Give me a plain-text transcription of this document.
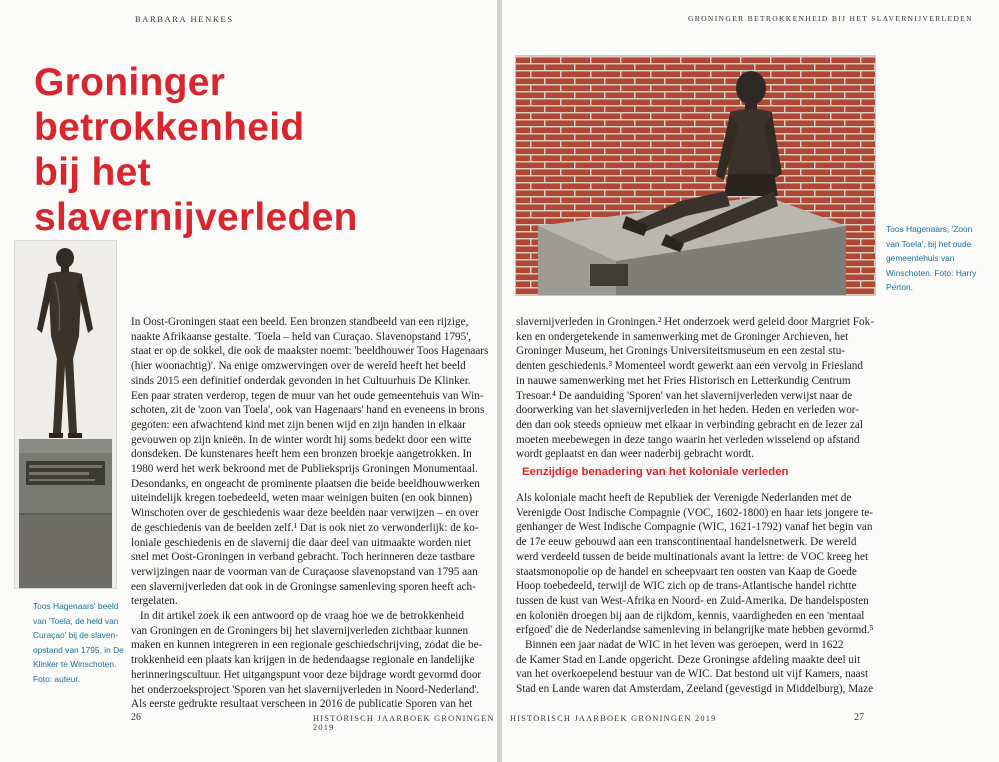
BARBARA HENKES
Groninger betrokkenheid
bij het slavernijverleden
Toos Hagenaars' beeld
van 'Toela, de held van
Curaçao' bij de slaven-
opstand van 1795, in De
Klinker te Winschoten.
Foto: auteur.
In Oost-Groningen staat een beeld. Een bronzen standbeeld van een rijzige,
naakte Afrikaanse gestalte. 'Toela – held van Curaçao. Slavenopstand 1795',
staat er op de sokkel, die ook de maakster noemt: 'beeldhouwer Toos Hagenaars
(hier woonachtig)'. Na enige omzwervingen over de wereld heeft het beeld
sinds 2015 een definitief onderdak gevonden in het Cultuurhuis De Klinker.
Een paar straten verderop, tegen de muur van het oude gemeentehuis van Win-
schoten, zit de 'zoon van Toela', ook van Hagenaars' hand en eveneens in brons
gegoten: een afwachtend kind met zijn benen wijd en zijn handen in elkaar
gevouwen op zijn knieën. In de winter wordt hij soms bedekt door een witte
donsdeken. De kunstenares heeft hem een bronzen broekje aangetrokken. In
1980 werd het werk bekroond met de Publieksprijs Groningen Monumentaal.
Desondanks, en ongeacht de prominente plaatsen die beide beeldhouwwerken
uiteindelijk kregen toebedeeld, weten maar weinigen buiten (en ook binnen)
Winschoten over de geschiedenis waar deze beelden naar verwijzen – en over
de geschiedenis van de beelden zelf.¹ Dat is ook niet zo verwonderlijk: de ko-
loniale geschiedenis en de slavernij die daar deel van uitmaakte worden niet
snel met Oost-Groningen in verband gebracht. Toch herinneren deze tastbare
verwijzingen naar de voorman van de Curaçaose slavenopstand van 1795 aan
een slavernijverleden dat ook in de Groningse samenleving sporen heeft ach-
tergelaten.
In dit artikel zoek ik een antwoord op de vraag hoe we de betrokkenheid
van Groningen en de Groningers bij het slavernijverleden zichtbaar kunnen
maken en kunnen integreren in een regionale geschiedschrijving, zodat die be-
trokkenheid een plaats kan krijgen in de hedendaagse regionale en landelijke
herinneringscultuur. Het uitgangspunt voor deze bijdrage wordt gevormd door
het onderzoeksproject 'Sporen van het slavernijverleden in Noord-Nederland'.
Als eerste gedrukte resultaat verscheen in 2016 de publicatie Sporen van het
26	HISTORISCH JAARBOEK GRONINGEN 2019
GRONINGER BETROKKENHEID BIJ HET SLAVERNIJVERLEDEN
Toos Hagenaars, 'Zoon
van Toela', bij het oude
gemeentehuis van
Winschoten. Foto: Harry
Perton.
slavernijverleden in Groningen.² Het onderzoek werd geleid door Margriet Fok-
ken en ondergetekende in samenwerking met de Groninger Archieven, het
Groninger Museum, het Gronings Universiteitsmuseum en een zestal stu-
denten geschiedenis.³ Momenteel wordt gewerkt aan een vervolg in Friesland
in nauwe samenwerking met het Fries Historisch en Letterkundig Centrum
Tresoar.⁴ De aanduiding 'Sporen' van het slavernijverleden verwijst naar de
doorwerking van het slavernijverleden in het heden. Heden en verleden wor-
den dan ook steeds opnieuw met elkaar in verbinding gebracht en de lezer zal
moeten meebewegen in deze tango waarin het verleden wisselend op afstand
wordt geplaatst en dan weer naderbij gebracht wordt.
Eenzijdige benadering van het koloniale verleden
Als koloniale macht heeft de Republiek der Verenigde Nederlanden met de
Verenigde Oost Indische Compagnie (VOC, 1602-1800) en haar iets jongere te-
genhanger de West Indische Compagnie (WIC, 1621-1792) vanaf het begin van
de 17e eeuw gebouwd aan een transcontinentaal handelsnetwerk. De wereld
werd verdeeld tussen de beide multinationals avant la lettre: de VOC kreeg het
staatsmonopolie op de handel en scheepvaart ten oosten van Kaap de Goede
Hoop toebedeeld, terwijl de WIC zich op de trans-Atlantische handel richtte
tussen de kust van West-Afrika en Noord- en Zuid-Amerika. De handelsposten
en koloniën droegen bij aan de rijkdom, kennis, vaardigheden en een 'mentaal
erfgoed' die de Nederlandse samenleving in belangrijke mate hebben gevormd.⁵
Binnen een jaar nadat de WIC in het leven was geroepen, werd in 1622
de Kamer Stad en Lande opgericht. Deze Groningse afdeling maakte deel uit
van het overkoepelend bestuur van de WIC. Dat bestond uit vijf Kamers, naast
Stad en Lande waren dat Amsterdam, Zeeland (gevestigd in Middelburg), Maze
HISTORISCH JAARBOEK GRONINGEN 2019	27
